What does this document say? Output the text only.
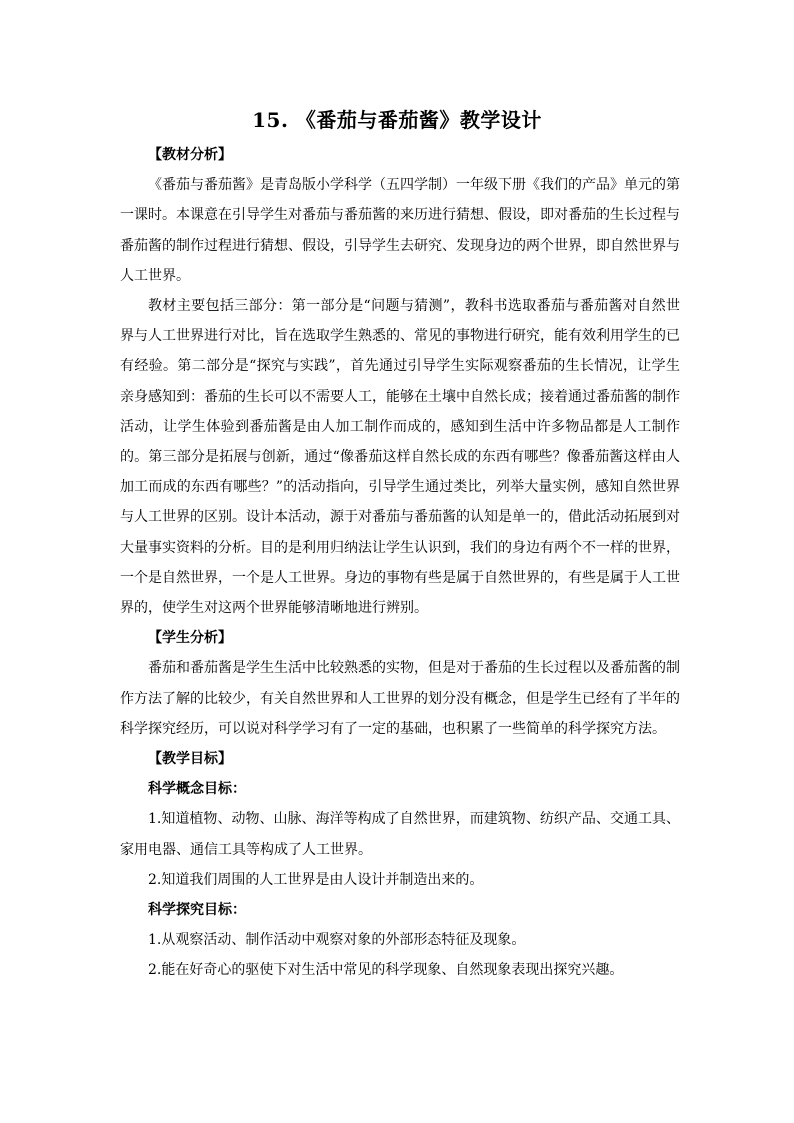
15. 《番茄与番茄酱》教学设计
【教材分析】

《番茄与番茄酱》是青岛版小学科学（五四学制）一年级下册《我们的产品》单元的第一课时。本课意在引导学生对番茄与番茄酱的来历进行猜想、假设，即对番茄的生长过程与番茄酱的制作过程进行猜想、假设，引导学生去研究、发现身边的两个世界，即自然世界与人工世界。

教材主要包括三部分：第一部分是“问题与猜测”，教科书选取番茄与番茄酱对自然世界与人工世界进行对比，旨在选取学生熟悉的、常见的事物进行研究，能有效利用学生的已有经验。第二部分是“探究与实践”，首先通过引导学生实际观察番茄的生长情况，让学生亲身感知到：番茄的生长可以不需要人工，能够在土壤中自然长成；接着通过番茄酱的制作活动，让学生体验到番茄酱是由人加工制作而成的，感知到生活中许多物品都是人工制作的。第三部分是拓展与创新，通过“像番茄这样自然长成的东西有哪些？像番茄酱这样由人加工而成的东西有哪些？”的活动指向，引导学生通过类比，列举大量实例，感知自然世界与人工世界的区别。设计本活动，源于对番茄与番茄酱的认知是单一的，借此活动拓展到对大量事实资料的分析。目的是利用归纳法让学生认识到，我们的身边有两个不一样的世界，一个是自然世界，一个是人工世界。身边的事物有些是属于自然世界的，有些是属于人工世界的，使学生对这两个世界能够清晰地进行辨别。

【学生分析】

番茄和番茄酱是学生生活中比较熟悉的实物，但是对于番茄的生长过程以及番茄酱的制作方法了解的比较少，有关自然世界和人工世界的划分没有概念，但是学生已经有了半年的科学探究经历，可以说对科学学习有了一定的基础，也积累了一些简单的科学探究方法。

【教学目标】
科学概念目标：

1.知道植物、动物、山脉、海洋等构成了自然世界，而建筑物、纺织产品、交通工具、家用电器、通信工具等构成了人工世界。

2.知道我们周围的人工世界是由人设计并制造出来的。

科学探究目标：

1.从观察活动、制作活动中观察对象的外部形态特征及现象。

2.能在好奇心的驱使下对生活中常见的科学现象、自然现象表现出探究兴趣。
